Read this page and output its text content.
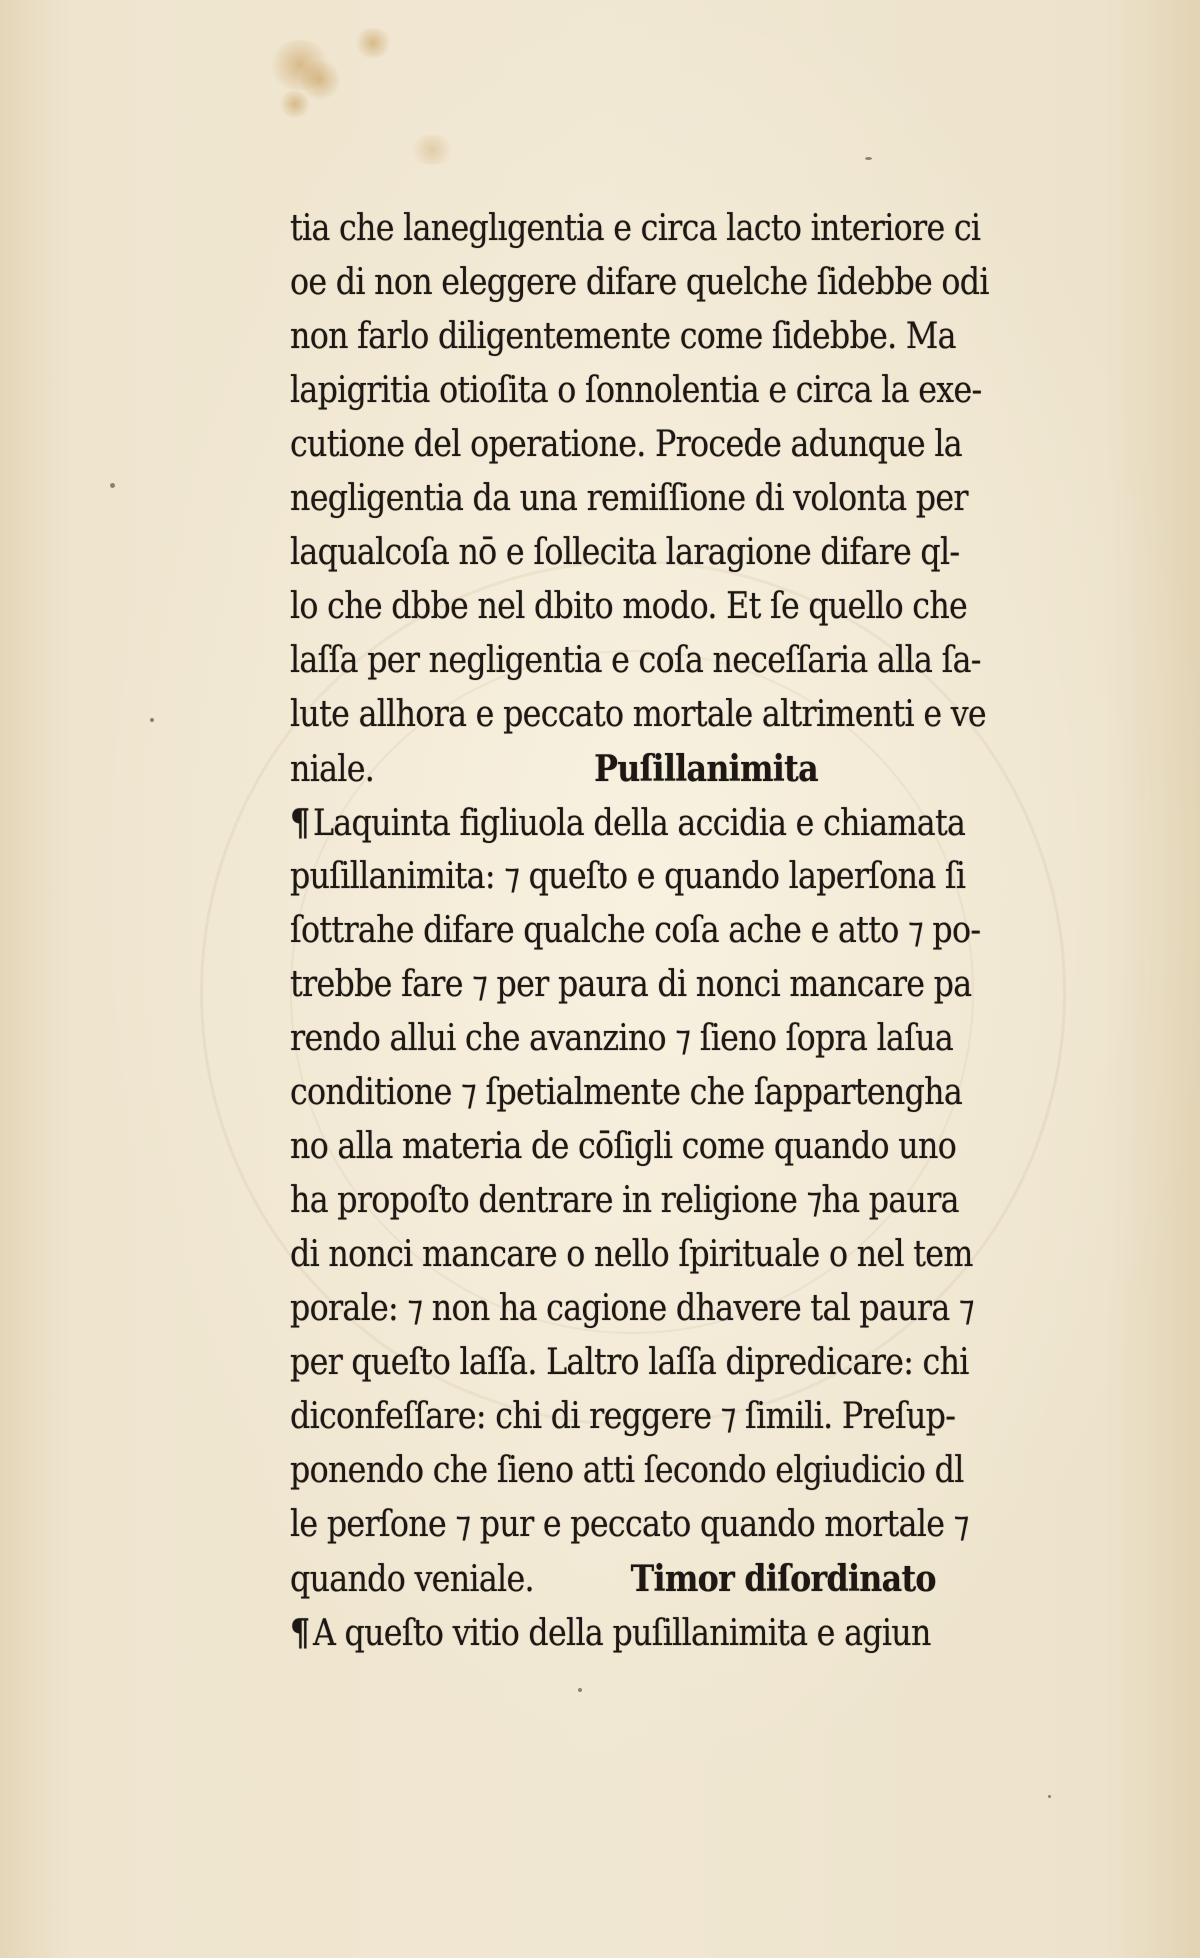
tia che laneglıgentia e circa lacto interiore ci
oe di non eleggere difare quelche ſidebbe odi
non farlo diligentemente come ſidebbe. Ma
lapigritia otioſita o ſonnolentia e circa la exe‑
cutione del operatione. Procede adunque la
negligentia da una remiſſione di volonta per
laqualcoſa nō e ſollecita laragione difare ql‑
lo che dbbe nel dbito modo. Et ſe quello che
laſſa per negligentia e coſa neceſſaria alla ſa‑
lute allhora e peccato mortale altrimenti e ve
niale.	Puſillanimita
¶Laquinta figliuola della accidia e chiamata
puſillanimita: ⁊ queſto e quando laperſona ſi
ſottrahe difare qualche coſa ache e atto ⁊ po‑
trebbe fare ⁊ per paura di nonci mancare pa
rendo allui che avanzino ⁊ ſieno ſopra laſua
conditione ⁊ ſpetialmente che ſappartengha
no alla materia de cōſigli come quando uno
ha propoſto dentrare in religione ⁊ha paura
di nonci mancare o nello ſpirituale o nel tem
porale: ⁊ non ha cagione dhavere tal paura ⁊
per queſto laſſa. Laltro laſſa dipredicare: chi
diconfeſſare: chi di reggere ⁊ ſimili. Preſup‑
ponendo che ſieno atti ſecondo elgiudicio dl
le perſone ⁊ pur e peccato quando mortale ⁊
quando veniale.	Timor diſordinato
¶A queſto vitio della puſillanimita e agiun
